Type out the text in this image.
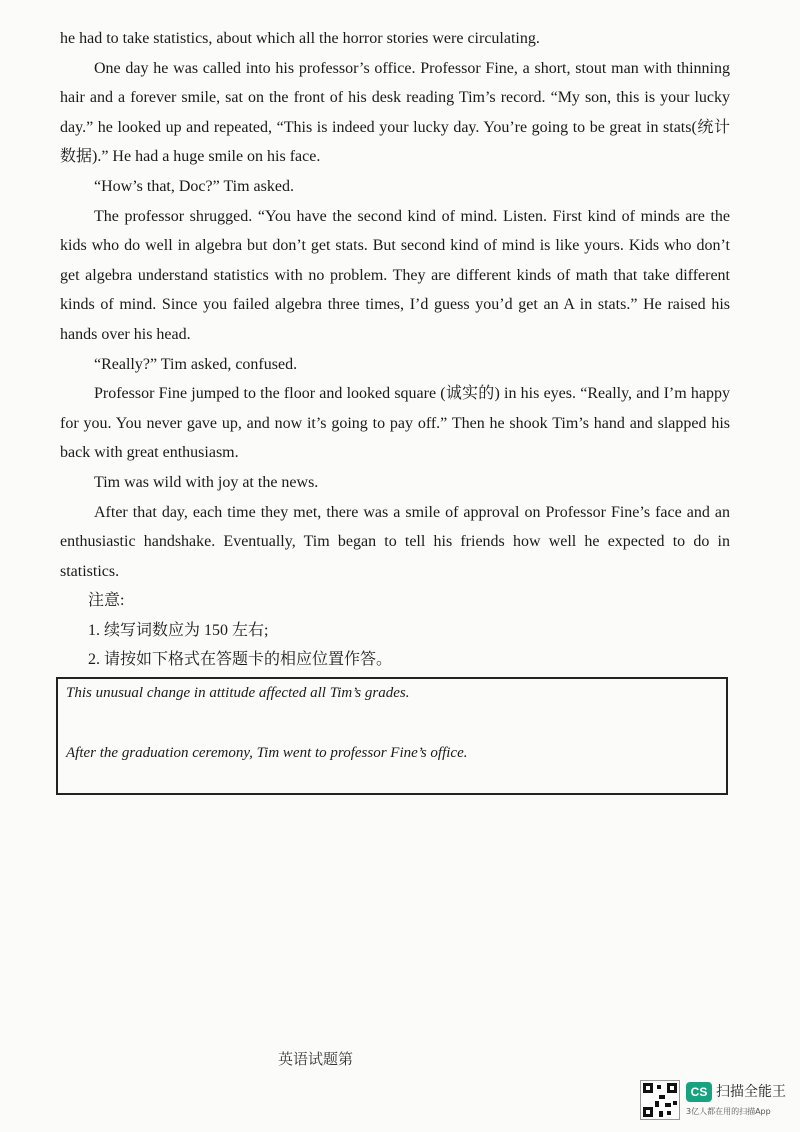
he had to take statistics, about which all the horror stories were circulating.

One day he was called into his professor’s office. Professor Fine, a short, stout man with thinning hair and a forever smile, sat on the front of his desk reading Tim’s record. “My son, this is your lucky day.” he looked up and repeated, “This is indeed your lucky day. You’re going to be great in stats(统计数据).” He had a huge smile on his face.

“How’s that, Doc?” Tim asked.

The professor shrugged. “You have the second kind of mind. Listen. First kind of minds are the kids who do well in algebra but don’t get stats. But second kind of mind is like yours. Kids who don’t get algebra understand statistics with no problem. They are different kinds of math that take different kinds of mind. Since you failed algebra three times, I’d guess you’d get an A in stats.” He raised his hands over his head.

“Really?” Tim asked, confused.

Professor Fine jumped to the floor and looked square (诚实的) in his eyes. “Really, and I’m happy for you. You never gave up, and now it’s going to pay off.” Then he shook Tim’s hand and slapped his back with great enthusiasm.

Tim was wild with joy at the news.

After that day, each time they met, there was a smile of approval on Professor Fine’s face and an enthusiastic handshake. Eventually, Tim began to tell his friends how well he expected to do in statistics.

注意:

1. 续写词数应为 150 左右;

2. 请按如下格式在答题卡的相应位置作答。

This unusual change in attitude affected all Tim’s grades.
After the graduation ceremony, Tim went to professor Fine’s office.
英语试题第
CS 扫描全能王
3亿人都在用的扫描App
